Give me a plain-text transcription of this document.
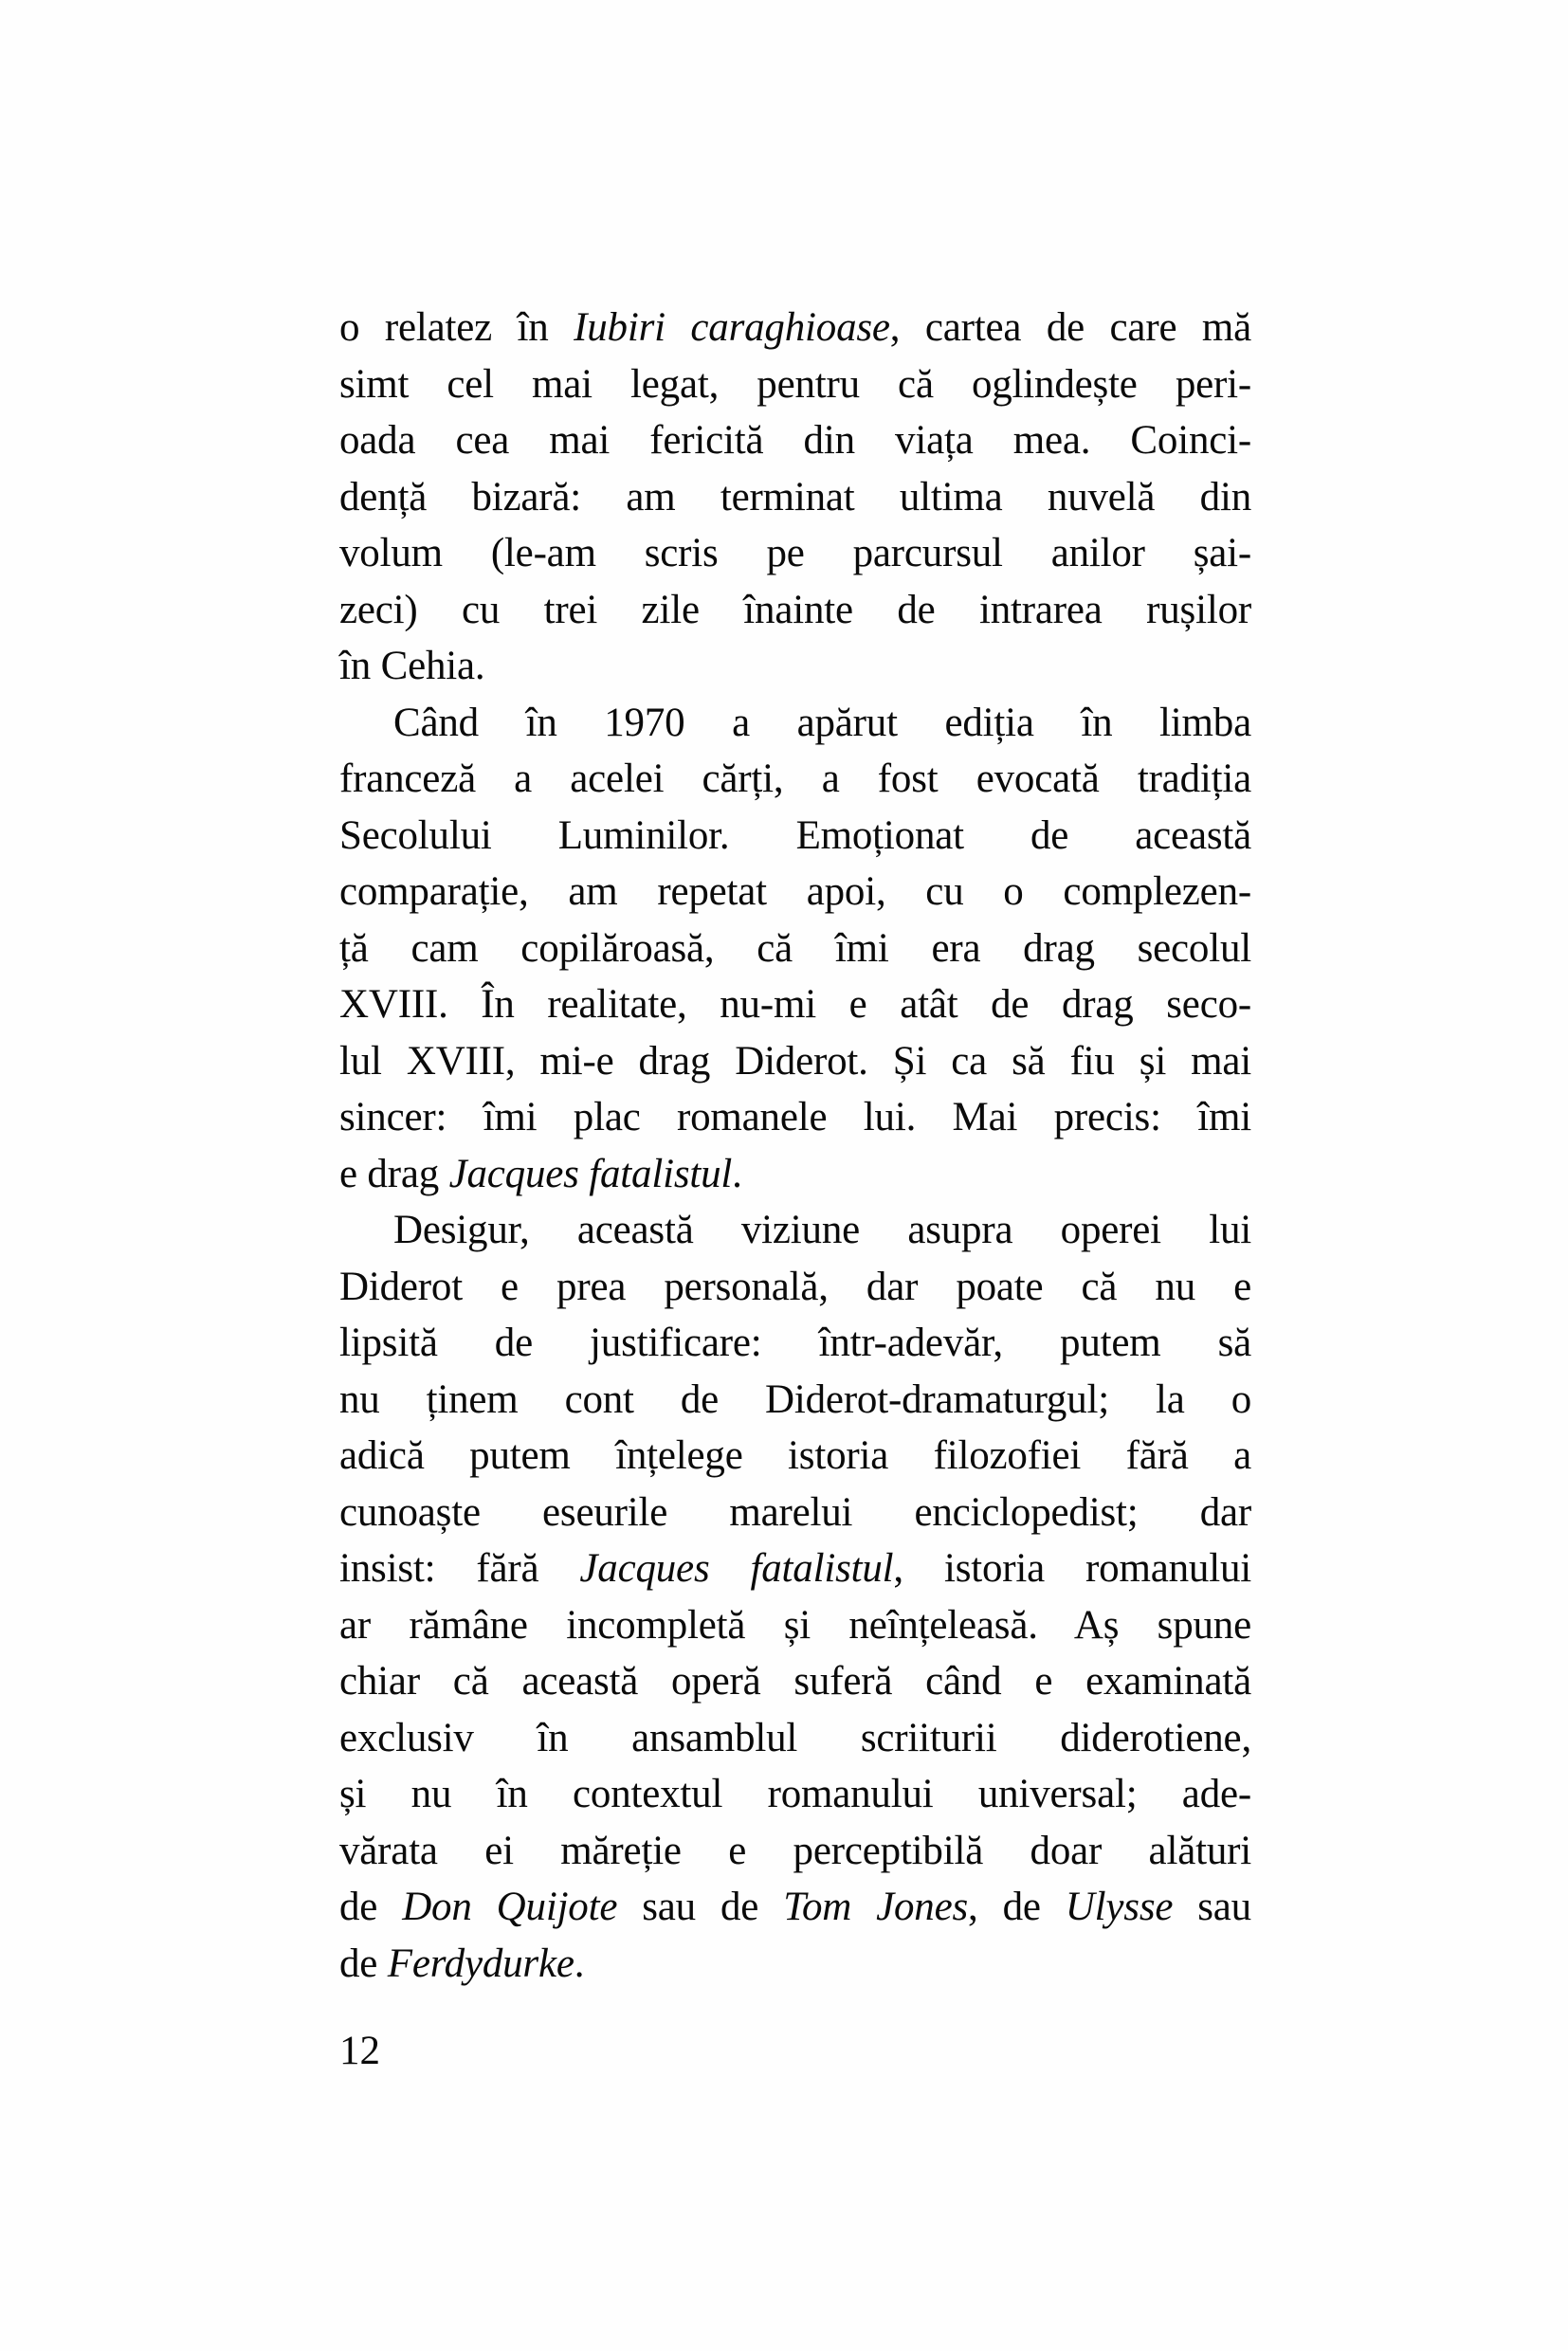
o relatez în Iubiri caraghioase, cartea de care mă
simt cel mai legat, pentru că oglindește peri-
oada cea mai fericită din viața mea. Coinci-
dență bizară: am terminat ultima nuvelă din
volum (le-am scris pe parcursul anilor șai-
zeci) cu trei zile înainte de intrarea rușilor
în Cehia.
Când în 1970 a apărut ediția în limba
franceză a acelei cărți, a fost evocată tradiția
Secolului Luminilor. Emoționat de această
comparație, am repetat apoi, cu o complezen-
ță cam copilăroasă, că îmi era drag secolul
XVIII. În realitate, nu-mi e atât de drag seco-
lul XVIII, mi-e drag Diderot. Și ca să fiu și mai
sincer: îmi plac romanele lui. Mai precis: îmi
e drag Jacques fatalistul.
Desigur, această viziune asupra operei lui
Diderot e prea personală, dar poate că nu e
lipsită de justificare: într-adevăr, putem să
nu ținem cont de Diderot-dramaturgul; la o
adică putem înțelege istoria filozofiei fără a
cunoaște eseurile marelui enciclopedist; dar
insist: fără Jacques fatalistul, istoria romanului
ar rămâne incompletă și neînțeleasă. Aș spune
chiar că această operă suferă când e examinată
exclusiv în ansamblul scriiturii diderotiene,
și nu în contextul romanului universal; ade-
vărata ei măreție e perceptibilă doar alături
de Don Quijote sau de Tom Jones, de Ulysse sau
de Ferdydurke.
12
